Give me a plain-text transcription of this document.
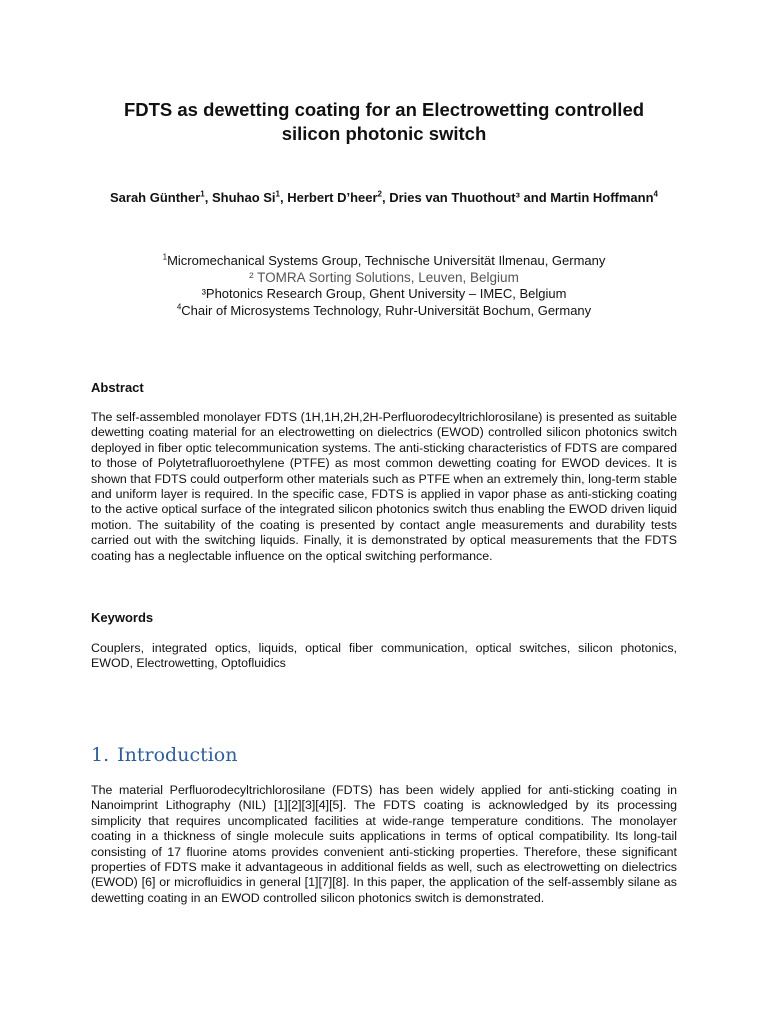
FDTS as dewetting coating for an Electrowetting controlled
silicon photonic switch
Sarah Günther$^1$, Shuhao Si$^1$, Herbert D’heer$^2$, Dries van Thuothout³ and Martin Hoffmann$^4$
$^1$Micromechanical Systems Group, Technische Universität Ilmenau, Germany
² TOMRA Sorting Solutions, Leuven, Belgium
³Photonics Research Group, Ghent University – IMEC, Belgium
$^4$Chair of Microsystems Technology, Ruhr-Universität Bochum, Germany
Abstract
The self-assembled monolayer FDTS (1H,1H,2H,2H-Perfluorodecyltrichlorosilane) is presented as suitable dewetting coating material for an electrowetting on dielectrics (EWOD) controlled silicon photonics switch deployed in fiber optic telecommunication systems. The anti-sticking characteristics of FDTS are compared to those of Polytetrafluoroethylene (PTFE) as most common dewetting coating for EWOD devices. It is shown that FDTS could outperform other materials such as PTFE when an extremely thin, long-term stable and uniform layer is required. In the specific case, FDTS is applied in vapor phase as anti-sticking coating to the active optical surface of the integrated silicon photonics switch thus enabling the EWOD driven liquid motion. The suitability of the coating is presented by contact angle measurements and durability tests carried out with the switching liquids. Finally, it is demonstrated by optical measurements that the FDTS coating has a neglectable influence on the optical switching performance.
Keywords
Couplers, integrated optics, liquids, optical fiber communication, optical switches, silicon photonics, EWOD, Electrowetting, Optofluidics
1. Introduction
The material Perfluorodecyltrichlorosilane (FDTS) has been widely applied for anti-sticking coating in Nanoimprint Lithography (NIL) [1][2][3][4][5]. The FDTS coating is acknowledged by its processing simplicity that requires uncomplicated facilities at wide-range temperature conditions. The monolayer coating in a thickness of single molecule suits applications in terms of optical compatibility. Its long-tail consisting of 17 fluorine atoms provides convenient anti-sticking properties. Therefore, these significant properties of FDTS make it advantageous in additional fields as well, such as electrowetting on dielectrics (EWOD) [6] or microfluidics in general [1][7][8]. In this paper, the application of the self-assembly silane as dewetting coating in an EWOD controlled silicon photonics switch is demonstrated.
